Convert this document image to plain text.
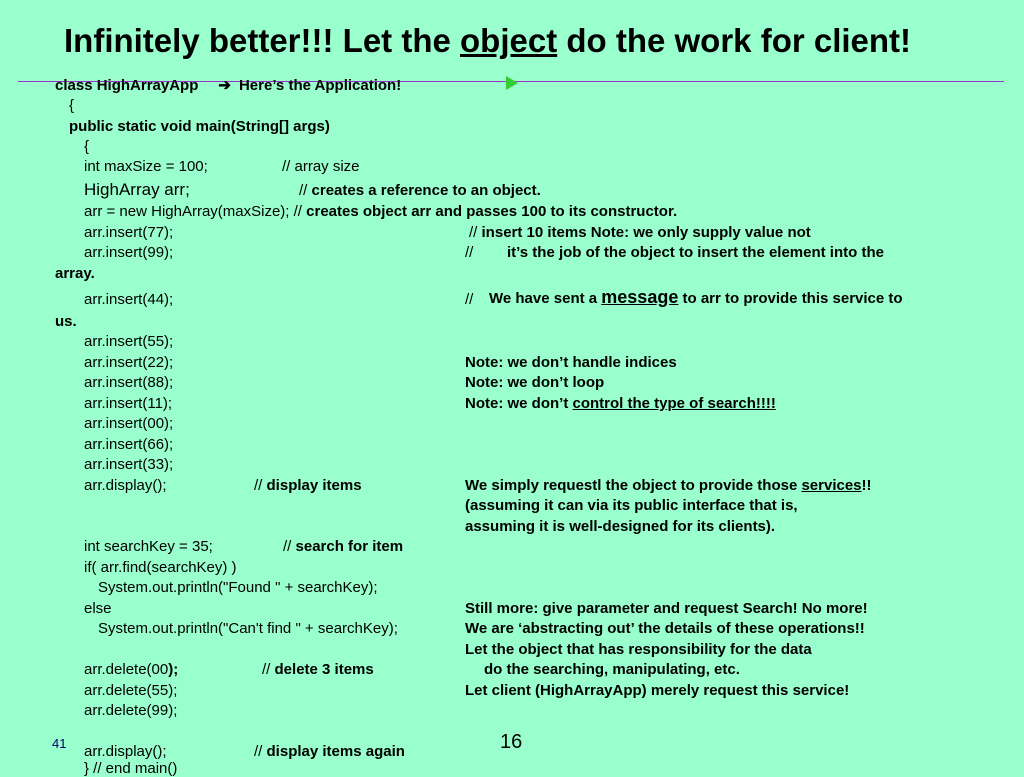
Infinitely better!!! Let the object do the work for client!
class HighArrayApp ➔ Here’s the Application!
{
public static void main(String[] args)
{
int maxSize = 100;	// array size
HighArray arr;	// creates a reference to an object.
arr = new HighArray(maxSize); // creates object arr and passes 100 to its constructor.
arr.insert(77);	// insert 10 items Note: we only supply value not
arr.insert(99);	// it’s the job of the object to insert the element into the
array.
arr.insert(44);	// We have sent a message to arr to provide this service to
us.
arr.insert(55);
arr.insert(22);	Note: we don’t handle indices
arr.insert(88);	Note: we don’t loop
arr.insert(11);	Note: we don’t control the type of search!!!!
arr.insert(00);
arr.insert(66);
arr.insert(33);
arr.display();	// display items	We simply requestl the object to provide those services!!
(assuming it can via its public interface that is,
assuming it is well-designed for its clients).
int searchKey = 35;	// search for item
if( arr.find(searchKey) )
System.out.println("Found " + searchKey);
else	Still more: give parameter and request Search! No more!
System.out.println("Can't find " + searchKey);	We are ‘abstracting out’ the details of these operations!!
Let the object that has responsibility for the data
arr.delete(00);	// delete 3 items	do the searching, manipulating, etc.
arr.delete(55);	Let client (HighArrayApp) merely request this service!
arr.delete(99);
arr.display();	// display items again
} // end main()
41	16
